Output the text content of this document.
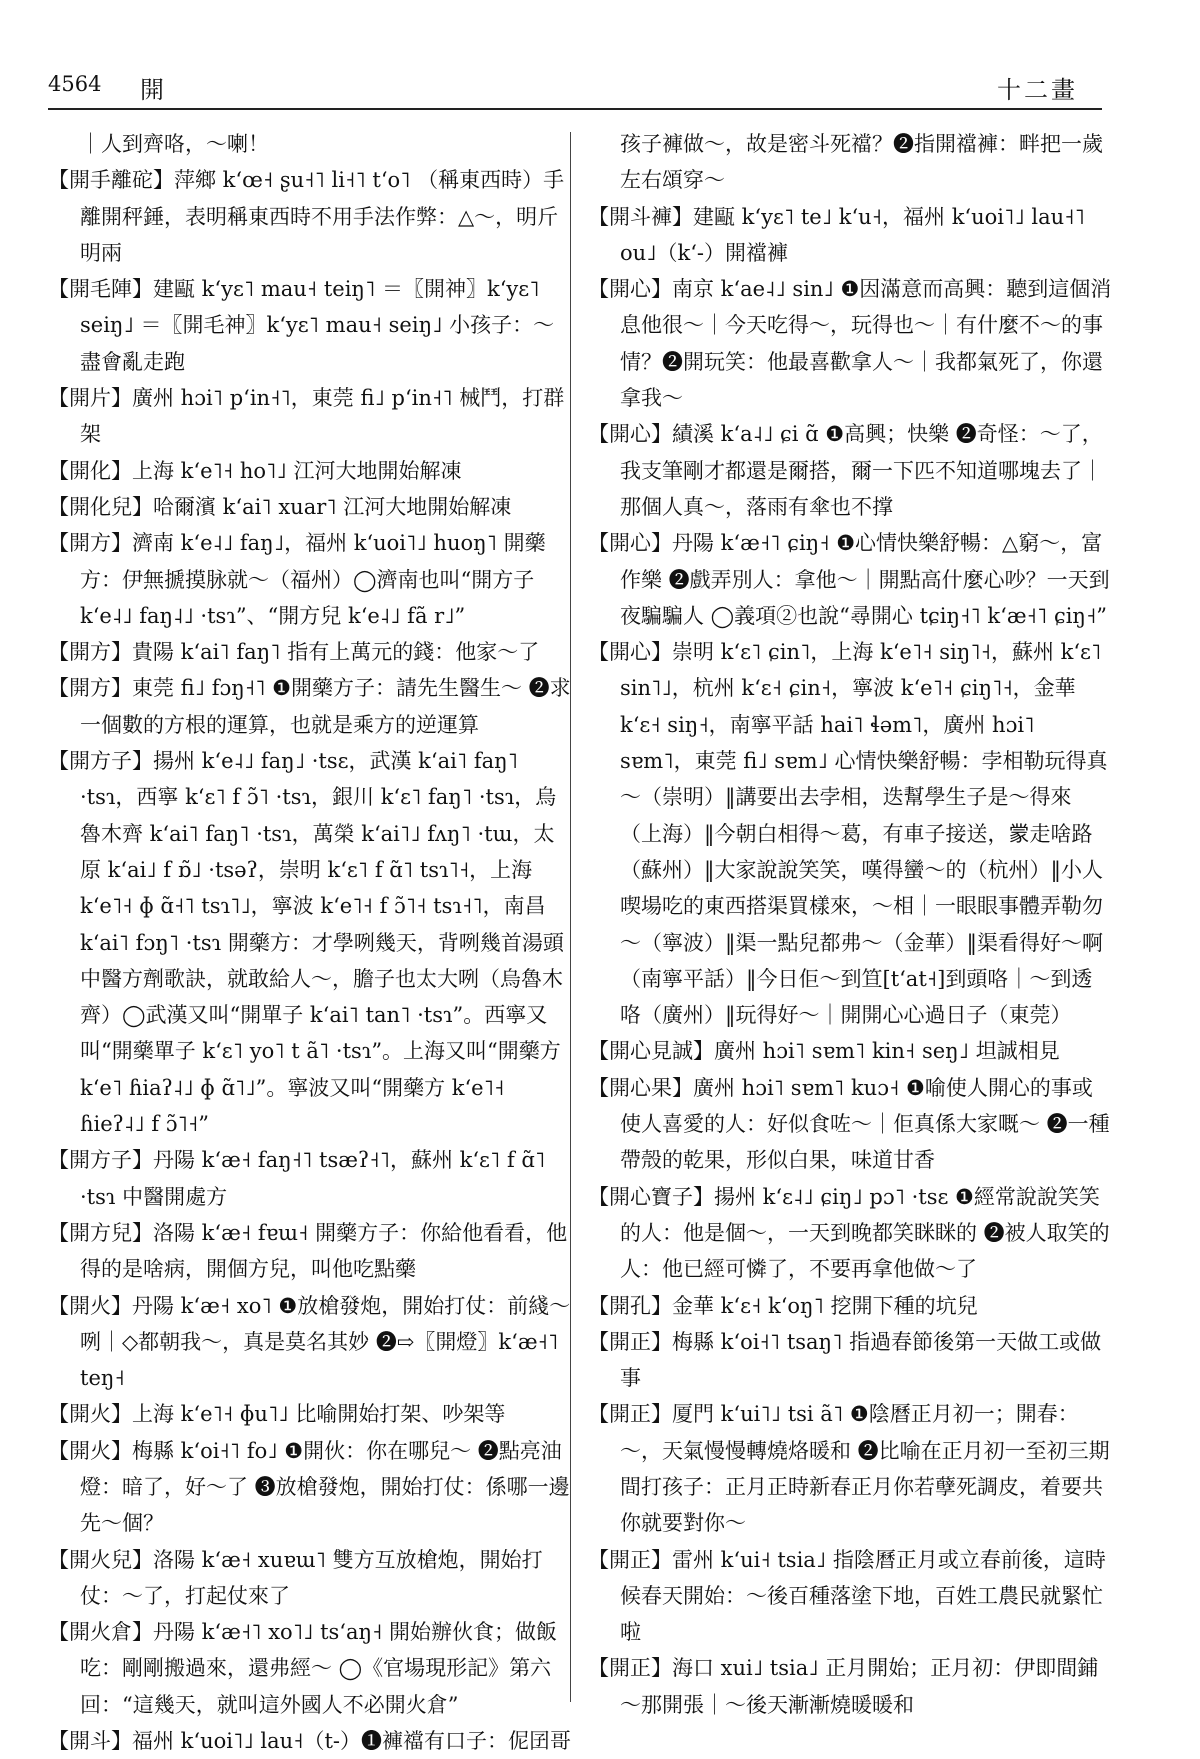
4564 開	十二畫

｜人到齊咯，～喇！

【開手離砣】萍鄉 kʻœ˧ ʂu˧˥ li˧˥ tʻo˥ （稱東西時）手離開秤錘，表明稱東西時不用手法作弊：△～，明斤明兩

【開毛陣】建甌 kʻyɛ˥ mau˧ teiŋ˥ ＝〖開神〗kʻyɛ˥ seiŋ˩ ＝〖開毛神〗kʻyɛ˥ mau˧ seiŋ˩ 小孩子：～盡會亂走跑

【開片】廣州 hɔi˥ pʻin˧˥，東莞 fi˩ pʻin˧˥ 械鬥，打群架

【開化】上海 kʻe˥˧ ho˥˩ 江河大地開始解凍

【開化兒】哈爾濱 kʻai˥ xuar˥ 江河大地開始解凍

【開方】濟南 kʻe˨˩ faŋ˩，福州 kʻuoi˥˩ huoŋ˥ 開藥方：伊無搋摸脉就～（福州）◯濟南也叫“開方子 kʻe˨˩ faŋ˨˩ ·tsɿ”、“開方兒 kʻe˨˩ fã r˩”

【開方】貴陽 kʻai˥ faŋ˥ 指有上萬元的錢：他家～了

【開方】東莞 fi˩ fɔŋ˧˥ ❶開藥方子：請先生醫生～ ❷求一個數的方根的運算，也就是乘方的逆運算

【開方子】揚州 kʻe˨˩ faŋ˩ ·tsɛ，武漢 kʻai˥ faŋ˥ ·tsɿ，西寧 kʻɛ˥ f ɔ̃˥ ·tsɿ，銀川 kʻɛ˥ faŋ˥ ·tsɿ，烏魯木齊 kʻai˥ faŋ˥ ·tsɿ，萬榮 kʻai˥˩ fʌŋ˥ ·tɯ，太原 kʻai˩ f ɒ̃˩ ·tsəʔ，崇明 kʻɛ˥ f ɑ̃˥ tsɿ˥˧，上海 kʻe˥˧ ɸ ɑ̃˧˥ tsɿ˥˩，寧波 kʻe˥˧ f ɔ̃˥˧ tsɿ˧˥，南昌 kʻai˥ fɔŋ˥ ·tsɿ 開藥方：才學咧幾天，背咧幾首湯頭中醫方劑歌訣，就敢給人～，膽子也太大咧（烏魯木齊）◯武漢又叫“開單子 kʻai˥ tan˥ ·tsɿ”。西寧又叫“開藥單子 kʻɛ˥ yo˥ t ã˥ ·tsɿ”。上海又叫“開藥方 kʻe˥ ɦiaʔ˨˩ ɸ ɑ̃˥˩”。寧波又叫“開藥方 kʻe˥˧ ɦieʔ˨˩ f ɔ̃˥˧”

【開方子】丹陽 kʻæ˧ faŋ˧˥ tsæʔ˧˥，蘇州 kʻɛ˥ f ɑ̃˥ ·tsɿ 中醫開處方

【開方兒】洛陽 kʻæ˧ fɐɯ˧ 開藥方子：你給他看看，他得的是啥病，開個方兒，叫他吃點藥

【開火】丹陽 kʻæ˧ xo˥ ❶放槍發炮，開始打仗：前綫～咧｜◇都朝我～，真是莫名其妙 ❷⇨〖開燈〗kʻæ˧˥ teŋ˧

【開火】上海 kʻe˥˧ ɸu˥˩ 比喻開始打架、吵架等

【開火】梅縣 kʻoi˧˥ fo˩ ❶開伙：你在哪兒～ ❷點亮油燈：暗了，好～了 ❸放槍發炮，開始打仗：係哪一邊先～個？

【開火兒】洛陽 kʻæ˧ xuɐɯ˥ 雙方互放槍炮，開始打仗：～了，打起仗來了

【開火倉】丹陽 kʻæ˧˥ xo˥˩ tsʻaŋ˧ 開始辦伙食；做飯吃：剛剛搬過來，還弗經～ ◯《官場現形記》第六回：“這幾天，就叫這外國人不必開火倉”

【開斗】福州 kʻuoi˥˩ lau˧（t-）❶褲襠有口子：伲囝哥

孩子褲做～，故是密斗死襠？❷指開襠褲：畔把一歲左右頌穿～

【開斗褲】建甌 kʻyɛ˥ te˩ kʻu˧，福州 kʻuoi˥˩ lau˧˥ ou˩（kʻ-）開襠褲

【開心】南京 kʻae˨˩ sin˩ ❶因滿意而高興：聽到這個消息他很～｜今天吃得～，玩得也～｜有什麼不～的事情？❷開玩笑：他最喜歡拿人～｜我都氣死了，你還拿我～

【開心】績溪 kʻa˨˩ ɕi ɑ̃ ❶高興；快樂 ❷奇怪：～了，我支筆剛才都還是爾搭，爾一下匹不知道哪塊去了｜那個人真～，落雨有傘也不撑

【開心】丹陽 kʻæ˧˥ ɕiŋ˧ ❶心情快樂舒暢：△窮～，富作樂 ❷戲弄別人：拿他～｜開點高什麼心吵？一天到夜騙騙人 ◯義項②也說“尋開心 tɕiŋ˧˥ kʻæ˧˥ ɕiŋ˧”

【開心】崇明 kʻɛ˥ ɕin˥，上海 kʻe˥˧ siŋ˥˧，蘇州 kʻɛ˥ sin˥˩，杭州 kʻɛ˧ ɕin˧，寧波 kʻe˥˧ ɕiŋ˥˧，金華 kʻɛ˧ siŋ˧，南寧平話 hai˥ ɬəm˥，廣州 hɔi˥ sɐm˥，東莞 fi˩ sɐm˩ 心情快樂舒暢：孛相勒玩得真～（崇明）‖講要出去孛相，迭幫學生子是～得來（上海）‖今朝白相得～葛，有車子接送，𫎇走啥路（蘇州）‖大家說說笑笑，嘆得蠻～的（杭州）‖小人喫場吃的東西搭渠買樣來，～相｜一眼眼事體弄勒勿～（寧波）‖渠一點兒都弗～（金華）‖渠看得好～啊（南寧平話）‖今日佢～到笪[tʻat˧]到頭咯｜～到透咯（廣州）‖玩得好～｜開開心心過日子（東莞）

【開心見誠】廣州 hɔi˥ sɐm˥ kin˧ seŋ˩ 坦誠相見

【開心果】廣州 hɔi˥ sɐm˥ kuɔ˧ ❶喻使人開心的事或使人喜愛的人：好似食咗～｜佢真係大家嘅～ ❷一種帶殼的乾果，形似白果，味道甘香

【開心寶子】揚州 kʻɛ˨˩ ɕiŋ˩ pɔ˥ ·tsɛ ❶經常說說笑笑的人：他是個～，一天到晚都笑眯眯的 ❷被人取笑的人：他已經可憐了，不要再拿他做～了

【開孔】金華 kʻɛ˧ kʻoŋ˥ 挖開下種的坑兒

【開正】梅縣 kʻoi˧˥ tsaŋ˥ 指過春節後第一天做工或做事

【開正】厦門 kʻui˥˩ tsi ã˥ ❶陰曆正月初一；開春：～，天氣慢慢轉燒烙暖和 ❷比喻在正月初一至初三期間打孩子：正月正時新春正月你若孽死調皮，着要共你就要對你～

【開正】雷州 kʻui˧ tsia˩ 指陰曆正月或立春前後，這時候春天開始：～後百種落塗下地，百姓工農民就緊忙啦

【開正】海口 xui˩ tsia˩ 正月開始；正月初：伊即間鋪～那開張｜～後天漸漸燒暖暖和
